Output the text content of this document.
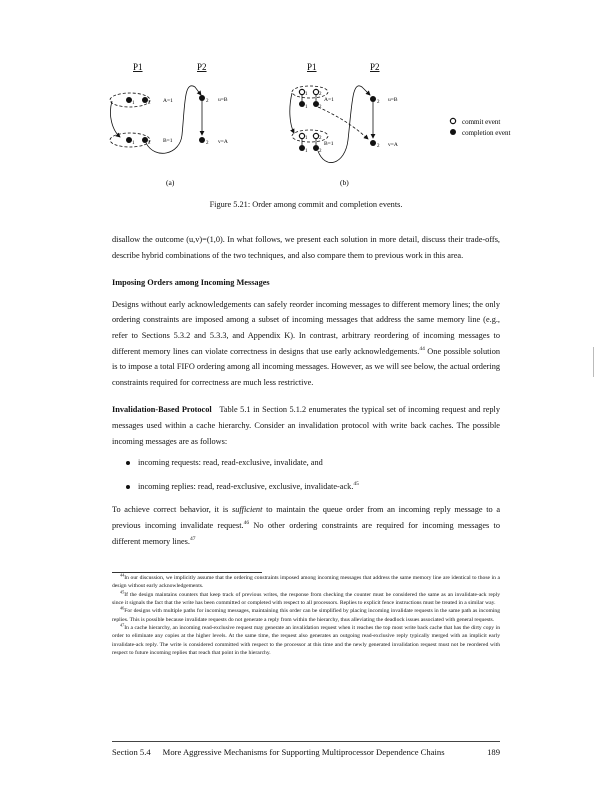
P1	P2
1	2 A=1
1	2 B=1
2 u=B
2 v=A
(a)
P1	P2
1 2
A=1
1 2
1 2
B=1
1 2
2 u=B
2 v=A
(b)
commit event
completion event
Figure 5.21: Order among commit and completion events.

disallow the outcome (u,v)=(1,0). In what follows, we present each solution in more detail, discuss their trade-offs, describe hybrid combinations of the two techniques, and also compare them to previous work in this area.

Imposing Orders among Incoming Messages

Designs without early acknowledgements can safely reorder incoming messages to different memory lines; the only ordering constraints are imposed among a subset of incoming messages that address the same memory line (e.g., refer to Sections 5.3.2 and 5.3.3, and Appendix K). In contrast, arbitrary reordering of incoming messages to different memory lines can violate correctness in designs that use early acknowledgements.$^{44}$ One possible solution is to impose a total FIFO ordering among all incoming messages. However, as we will see below, the actual ordering constraints required for correctness are much less restrictive.

Invalidation-Based Protocol Table 5.1 in Section 5.1.2 enumerates the typical set of incoming request and reply messages used within a cache hierarchy. Consider an invalidation protocol with write back caches. The possible incoming messages are as follows:

incoming requests: read, read-exclusive, invalidate, and
incoming replies: read, read-exclusive, exclusive, invalidate-ack.$^{45}$

To achieve correct behavior, it is sufficient to maintain the queue order from an incoming reply message to a previous incoming invalidate request.$^{46}$ No other ordering constraints are required for incoming messages to different memory lines.$^{47}$

$^{44}$In our discussion, we implicitly assume that the ordering constraints imposed among incoming messages that address the same memory line are identical to those in a design without early acknowledgements.

$^{45}$If the design maintains counters that keep track of previous writes, the response from checking the counter must be considered the same as an invalidate-ack reply since it signals the fact that the write has been committed or completed with respect to all processors. Replies to explicit fence instructions must be treated in a similar way.

$^{46}$For designs with multiple paths for incoming messages, maintaining this order can be simplified by placing incoming invalidate requests in the same path as incoming replies. This is possible because invalidate requests do not generate a reply from within the hierarchy, thus alleviating the deadlock issues associated with general requests.

$^{47}$In a cache hierarchy, an incoming read-exclusive request may generate an invalidation request when it reaches the top most write back cache that has the dirty copy in order to eliminate any copies at the higher levels. At the same time, the request also generates an outgoing read-exclusive reply typically merged with an implicit early invalidate-ack reply. The write is considered committed with respect to the processor at this time and the newly generated invalidation request must not be reordered with respect to future incoming replies that reach that point in the hierarchy.

Section 5.4 More Aggressive Mechanisms for Supporting Multiprocessor Dependence Chains	189
